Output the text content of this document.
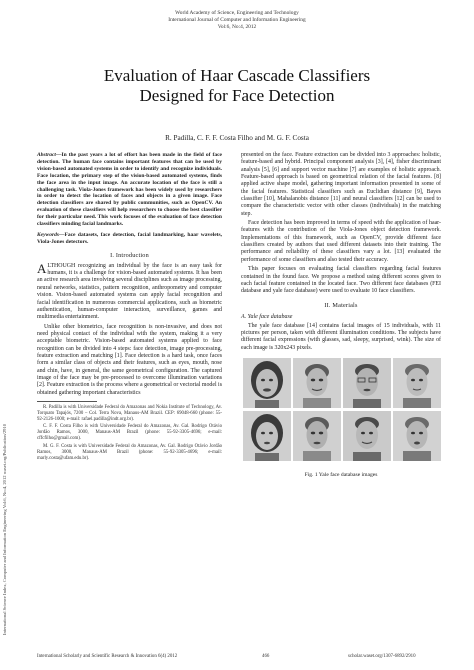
World Academy of Science, Engineering and Technology
International Journal of Computer and Information Engineering
Vol:6, No:4, 2012
Evaluation of Haar Cascade Classifiers
Designed for Face Detection
R. Padilla, C. F. F. Costa Filho and M. G. F. Costa
International Science Index, Computer and Information Engineering Vol:6, No:4, 2012 waset.org/Publication/2910
Abstract—In the past years a lot of effort has been made in the field of face detection. The human face contains important features that can be used by vision-based automated systems in order to identify and recognize individuals. Face location, the primary step of the vision-based automated systems, finds the face area in the input image. An accurate location of the face is still a challenging task. Viola-Jones framework has been widely used by researchers in order to detect the location of faces and objects in a given image. Face detection classifiers are shared by public communities, such as OpenCV. An evaluation of these classifiers will help researchers to choose the best classifier for their particular need. This work focuses of the evaluation of face detection classifiers minding facial landmarks.
Keywords—Face datasets, face detection, facial landmarking, haar wavelets, Viola-Jones detectors.
I. Introduction

ALTHOUGH recognizing an individual by the face is an easy task for humans, it is a challenge for vision-based automated systems. It has been an active research area involving several disciplines such as image processing, neural networks, statistics, pattern recognition, anthropometry and computer vision. Vision-based automated systems can apply facial recognition and facial identification in numerous commercial applications, such as biometric authentication, human-computer interaction, surveillance, games and multimedia entertainment.

Unlike other biometrics, face recognition is non-invasive, and does not need physical contact of the individual with the system, making it a very acceptable biometric. Vision-based automated systems applied to face recognition can be divided into 4 steps: face detection, image pre-processing, feature extraction and matching [1]. Face detection is a hard task, once faces form a similar class of objects and their features, such as eyes, mouth, nose and chin, have, in general, the same geometrical configuration. The captured image of the face may be pre-processed to overcome illumination variations [2]. Feature extraction is the process where a geometrical or vectorial model is obtained gathering important characteristics

R. Padilla is with Universidade Federal do Amazonas and Nokia Institute of Technology, Av. Torquato Tapajós, 7200 – Col. Terra Nova, Manaus-AM Brazil. CEP: 69048-660 (phone: 55-92-2126-1000; e-mail: rafael.padilla@indt.org.br).

C. F. F. Costa Filho is with Universidade Federal do Amazonas, Av. Gal. Rodrigo Otávio Jordão Ramos, 3000, Manaus-AM Brazil (phone: 55-92-3305-4696; e-mail: cffcfilho@gmail.com).

M. G. F. Costa is with Universidade Federal do Amazonas, Av. Gal. Rodrigo Otávio Jordão Ramos, 3000, Manaus-AM Brazil (phone: 55-92-3305-4696; e-mail: marly.costa@ufam.edu.br).

presented on the face. Feature extraction can be divided into 3 approaches: holistic, feature-based and hybrid. Principal component analysis [3], [4], fisher discriminant analysis [5], [6] and support vector machine [7] are examples of holistic approach. Feature-based approach is based on geometrical relation of the facial features. [8] applied active shape model, gathering important information presented in some of the facial features. Statistical classifiers such as Euclidian distance [9], Bayes classifier [10], Mahalanobis distance [11] and neural classifiers [12] can be used to compare the characteristic vector with other classes (individuals) in the matching step.

Face detection has been improved in terms of speed with the application of haar-features with the contribution of the Viola-Jones object detection framework. Implementations of this framework, such as OpenCV, provide different face classifiers created by authors that used different datasets into their training. The performance and reliability of these classifiers vary a lot. [13] evaluated the performance of some classifiers and also tested their accuracy.

This paper focuses on evaluating facial classifiers regarding facial features contained in the found face. We propose a method using different scores given to each facial feature contained in the located face. Two different face databases (FEI database and yale face database) were used to evaluate 10 face classifiers.

II. Materials
A. Yale face database

The yale face database [14] contains facial images of 15 individuals, with 11 pictures per person, taken with different illumination conditions. The subjects have different facial expressions (with glasses, sad, sleepy, surprised, wink). The size of each image is 320x243 pixels.

Fig. 1 Yale face database images
International Scholarly and Scientific Research & Innovation 6(4) 2012	466	scholar.waset.org/1307-6892/2910
